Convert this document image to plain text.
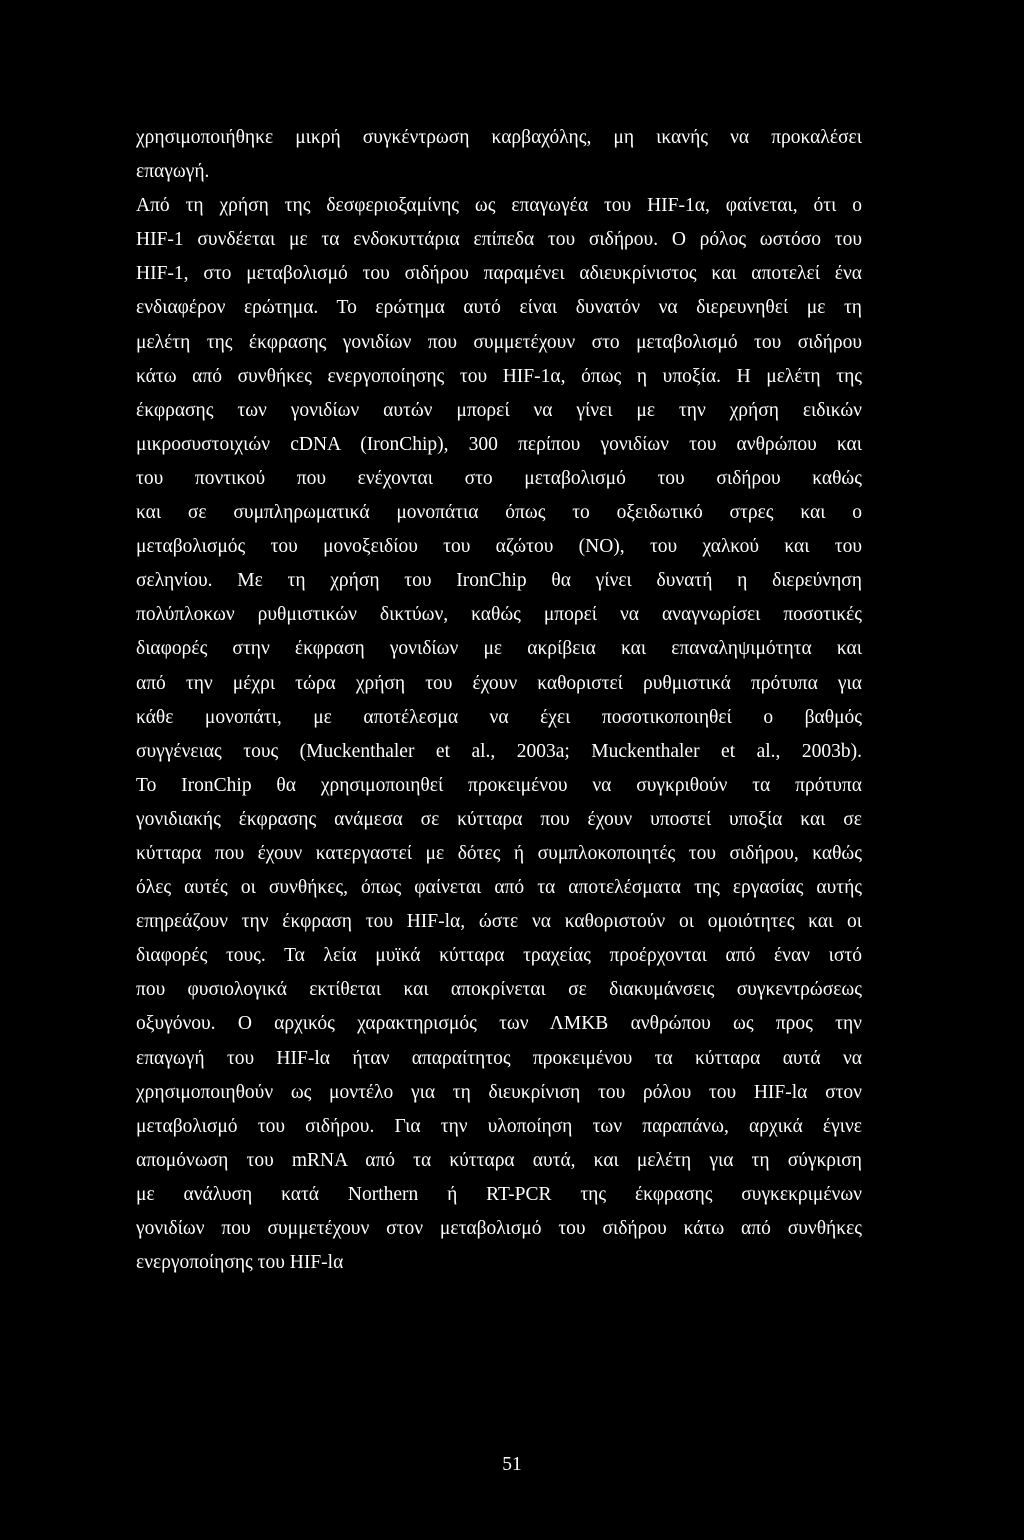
χρησιμοποιήθηκε μικρή συγκέντρωση καρβαχόλης, μη ικανής να προκαλέσει
επαγωγή.
Από τη χρήση της δεσφεριοξαμίνης ως επαγωγέα του HIF-1α, φαίνεται, ότι ο
HIF-1 συνδέεται με τα ενδοκυττάρια επίπεδα του σιδήρου. Ο ρόλος ωστόσο του
HIF-1, στο μεταβολισμό του σιδήρου παραμένει αδιευκρίνιστος και αποτελεί ένα
ενδιαφέρον ερώτημα. Το ερώτημα αυτό είναι δυνατόν να διερευνηθεί με τη
μελέτη της έκφρασης γονιδίων που συμμετέχουν στο μεταβολισμό του σιδήρου
κάτω από συνθήκες ενεργοποίησης του HIF-1α, όπως η υποξία. Η μελέτη της
έκφρασης των γονιδίων αυτών μπορεί να γίνει με την χρήση ειδικών
μικροσυστοιχιών cDNA (IronChip), 300 περίπου γονιδίων του ανθρώπου και
του ποντικού που ενέχονται στο μεταβολισμό του σιδήρου καθώς
και σε συμπληρωματικά μονοπάτια όπως το οξειδωτικό στρες και ο
μεταβολισμός του μονοξειδίου του αζώτου (NO), του χαλκού και του
σεληνίου. Με τη χρήση του IronChip θα γίνει δυνατή η διερεύνηση
πολύπλοκων ρυθμιστικών δικτύων, καθώς μπορεί να αναγνωρίσει ποσοτικές
διαφορές στην έκφραση γονιδίων με ακρίβεια και επαναληψιμότητα και
από την μέχρι τώρα χρήση του έχουν καθοριστεί ρυθμιστικά πρότυπα για
κάθε μονοπάτι, με αποτέλεσμα να έχει ποσοτικοποιηθεί ο βαθμός
συγγένειας τους (Muckenthaler et al., 2003a; Muckenthaler et al., 2003b).
Το IronChip θα χρησιμοποιηθεί προκειμένου να συγκριθούν τα πρότυπα
γονιδιακής έκφρασης ανάμεσα σε κύτταρα που έχουν υποστεί υποξία και σε
κύτταρα που έχουν κατεργαστεί με δότες ή συμπλοκοποιητές του σιδήρου, καθώς
όλες αυτές οι συνθήκες, όπως φαίνεται από τα αποτελέσματα της εργασίας αυτής
επηρεάζουν την έκφραση του HIF-lα, ώστε να καθοριστούν οι ομοιότητες και οι
διαφορές τους. Τα λεία μυϊκά κύτταρα τραχείας προέρχονται από έναν ιστό
που φυσιολογικά εκτίθεται και αποκρίνεται σε διακυμάνσεις συγκεντρώσεως
οξυγόνου. Ο αρχικός χαρακτηρισμός των ΛΜΚΒ ανθρώπου ως προς την
επαγωγή του HIF-lα ήταν απαραίτητος προκειμένου τα κύτταρα αυτά να
χρησιμοποιηθούν ως μοντέλο για τη διευκρίνιση του ρόλου του HIF-lα στον
μεταβολισμό του σιδήρου. Για την υλοποίηση των παραπάνω, αρχικά έγινε
απομόνωση του mRNA από τα κύτταρα αυτά, και μελέτη για τη σύγκριση
με ανάλυση κατά Northern ή RT-PCR της έκφρασης συγκεκριμένων
γονιδίων που συμμετέχουν στον μεταβολισμό του σιδήρου κάτω από συνθήκες
ενεργοποίησης του HIF-lα
51
